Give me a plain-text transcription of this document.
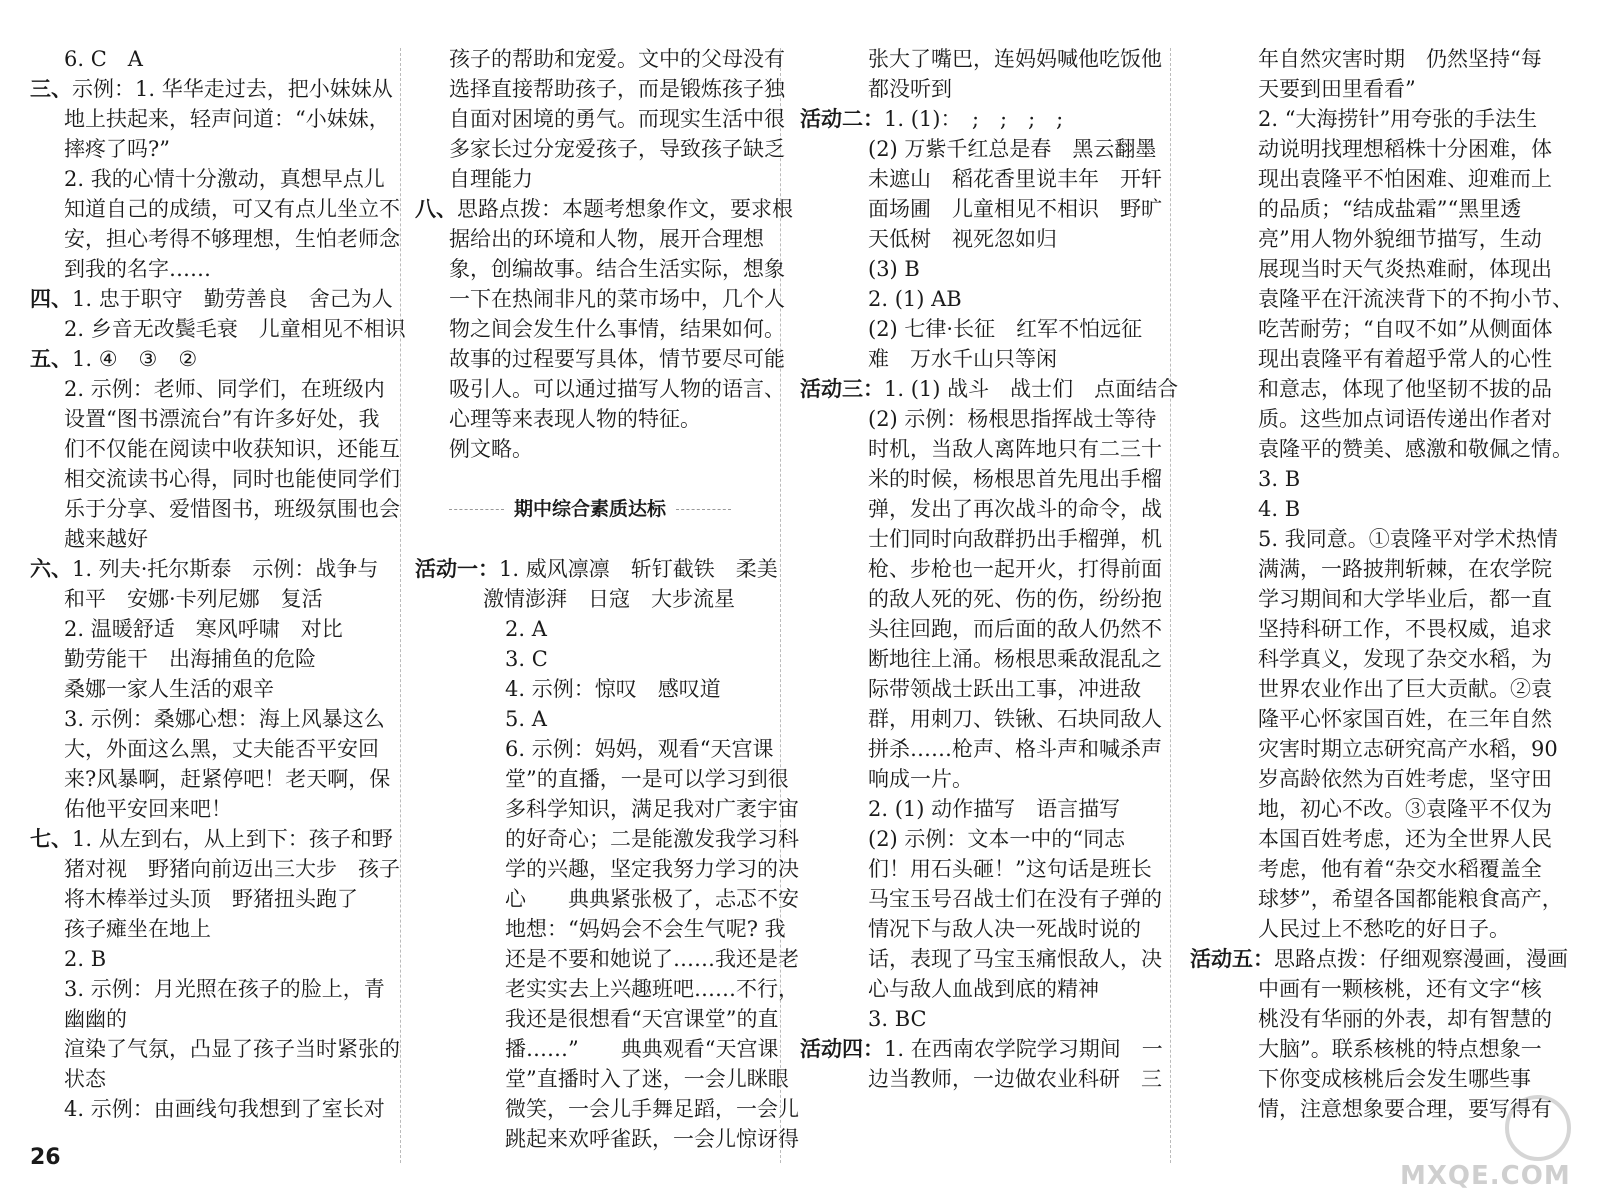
6. C　A
三、示例：1. 华华走过去，把小妹妹从
地上扶起来，轻声问道：“小妹妹，
摔疼了吗?”
2. 我的心情十分激动，真想早点儿
知道自己的成绩，可又有点儿坐立不
安，担心考得不够理想，生怕老师念
到我的名字……
四、1. 忠于职守　勤劳善良　舍己为人
2. 乡音无改鬓毛衰　儿童相见不相识
五、1. ④　③　②
2. 示例：老师、同学们，在班级内
设置“图书漂流台”有许多好处，我
们不仅能在阅读中收获知识，还能互
相交流读书心得，同时也能使同学们
乐于分享、爱惜图书，班级氛围也会
越来越好
六、1. 列夫·托尔斯泰　示例：战争与
和平　安娜·卡列尼娜　复活
2. 温暖舒适　寒风呼啸　对比
勤劳能干　出海捕鱼的危险
桑娜一家人生活的艰辛
3. 示例：桑娜心想：海上风暴这么
大，外面这么黑，丈夫能否平安回
来?风暴啊，赶紧停吧！老天啊，保
佑他平安回来吧！
七、1. 从左到右，从上到下：孩子和野
猪对视　野猪向前迈出三大步　孩子
将木棒举过头顶　野猪扭头跑了
孩子瘫坐在地上
2. B
3. 示例：月光照在孩子的脸上，青
幽幽的
渲染了气氛，凸显了孩子当时紧张的
状态
4. 示例：由画线句我想到了室长对
孩子的帮助和宠爱。文中的父母没有
选择直接帮助孩子，而是锻炼孩子独
自面对困境的勇气。而现实生活中很
多家长过分宠爱孩子，导致孩子缺乏
自理能力
八、思路点拨：本题考想象作文，要求根
据给出的环境和人物，展开合理想
象，创编故事。结合生活实际，想象
一下在热闹非凡的菜市场中，几个人
物之间会发生什么事情，结果如何。
故事的过程要写具体，情节要尽可能
吸引人。可以通过描写人物的语言、
心理等来表现人物的特征。
例文略。
期中综合素质达标
活动一：1. 威风凛凛　斩钉截铁　柔美
激情澎湃　日寇　大步流星
2. A
3. C
4. 示例：惊叹　感叹道
5. A
6. 示例：妈妈，观看“天宫课
堂”的直播，一是可以学习到很
多科学知识，满足我对广袤宇宙
的好奇心；二是能激发我学习科
学的兴趣，坚定我努力学习的决
心　　典典紧张极了，忐忑不安
地想：“妈妈会不会生气呢? 我
还是不要和她说了……我还是老
老实实去上兴趣班吧……不行，
我还是很想看“天宫课堂”的直
播……”　　典典观看“天宫课
堂”直播时入了迷，一会儿眯眼
微笑，一会儿手舞足蹈，一会儿
跳起来欢呼雀跃，一会儿惊讶得
张大了嘴巴，连妈妈喊他吃饭他
都没听到
活动二：1. (1)：　;　;　;　;
(2) 万紫千红总是春　黑云翻墨
未遮山　稻花香里说丰年　开轩
面场圃　儿童相见不相识　野旷
天低树　视死忽如归
(3) B
2. (1) AB
(2) 七律·长征　红军不怕远征
难　万水千山只等闲
活动三：1. (1) 战斗　战士们　点面结合
(2) 示例：杨根思指挥战士等待
时机，当敌人离阵地只有二三十
米的时候，杨根思首先甩出手榴
弹，发出了再次战斗的命令，战
士们同时向敌群扔出手榴弹，机
枪、步枪也一起开火，打得前面
的敌人死的死、伤的伤，纷纷抱
头往回跑，而后面的敌人仍然不
断地往上涌。杨根思乘敌混乱之
际带领战士跃出工事，冲进敌
群，用刺刀、铁锹、石块同敌人
拼杀……枪声、格斗声和喊杀声
响成一片。
2. (1) 动作描写　语言描写
(2) 示例：文本一中的“同志
们！用石头砸！”这句话是班长
马宝玉号召战士们在没有子弹的
情况下与敌人决一死战时说的
话，表现了马宝玉痛恨敌人，决
心与敌人血战到底的精神
3. BC
活动四：1. 在西南农学院学习期间　一
边当教师，一边做农业科研　三
年自然灾害时期　仍然坚持“每
天要到田里看看”
2. “大海捞针”用夸张的手法生
动说明找理想稻株十分困难，体
现出袁隆平不怕困难、迎难而上
的品质；“结成盐霜”“黑里透
亮”用人物外貌细节描写，生动
展现当时天气炎热难耐，体现出
袁隆平在汗流浃背下的不拘小节、
吃苦耐劳；“自叹不如”从侧面体
现出袁隆平有着超乎常人的心性
和意志，体现了他坚韧不拔的品
质。这些加点词语传递出作者对
袁隆平的赞美、感激和敬佩之情。
3. B
4. B
5. 我同意。①袁隆平对学术热情
满满，一路披荆斩棘，在农学院
学习期间和大学毕业后，都一直
坚持科研工作，不畏权威，追求
科学真义，发现了杂交水稻，为
世界农业作出了巨大贡献。②袁
隆平心怀家国百姓，在三年自然
灾害时期立志研究高产水稻，90
岁高龄依然为百姓考虑，坚守田
地，初心不改。③袁隆平不仅为
本国百姓考虑，还为全世界人民
考虑，他有着“杂交水稻覆盖全
球梦”，希望各国都能粮食高产，
人民过上不愁吃的好日子。
活动五：思路点拨：仔细观察漫画，漫画
中画有一颗核桃，还有文字“核
桃没有华丽的外表，却有智慧的
大脑”。联系核桃的特点想象一
下你变成核桃后会发生哪些事
情，注意想象要合理，要写得有
26
MXQE.COM
